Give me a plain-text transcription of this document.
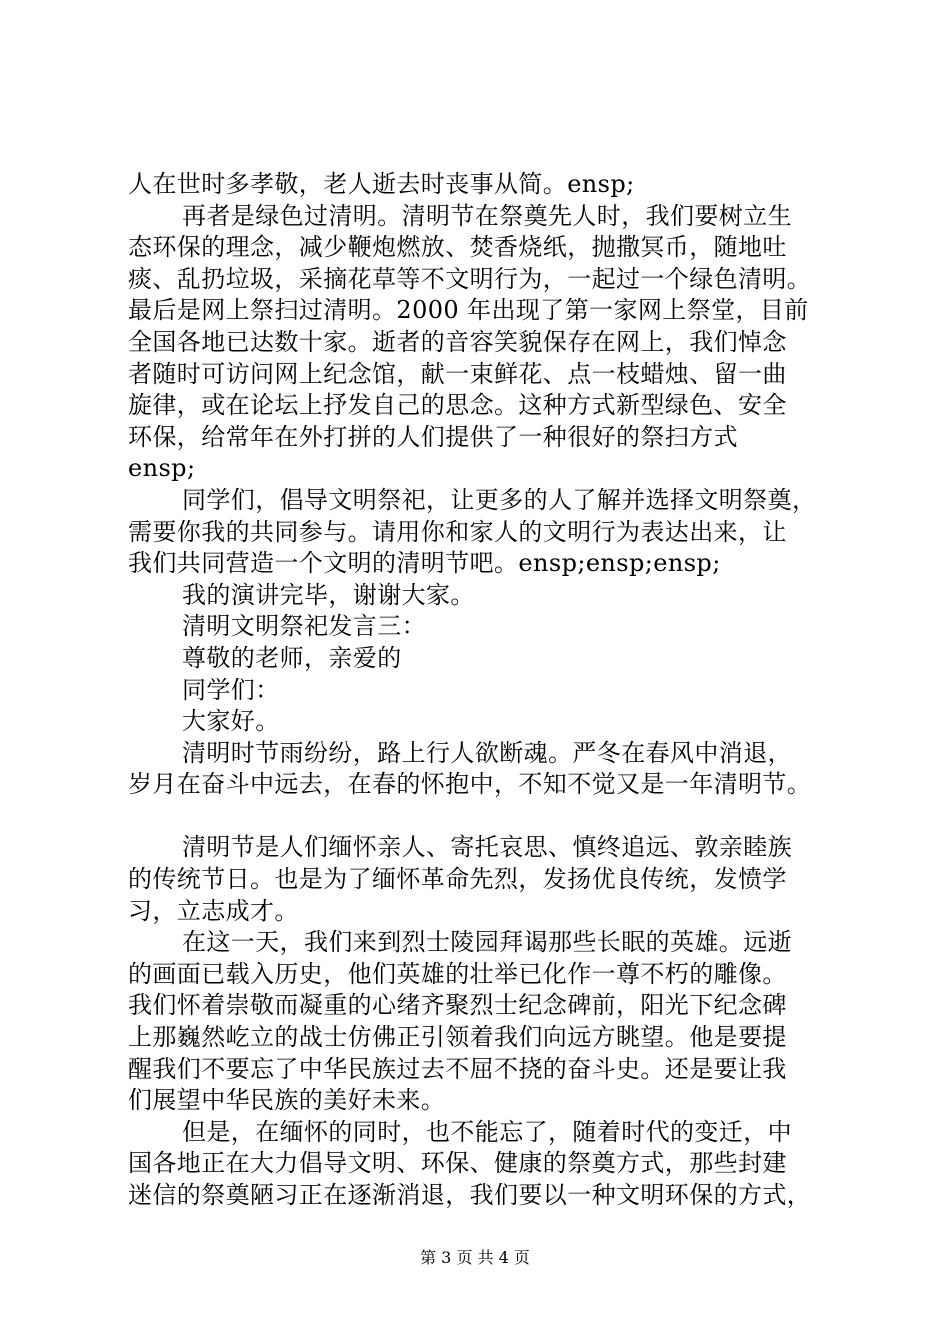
人在世时多孝敬，老人逝去时丧事从简。ensp;

再者是绿色过清明。清明节在祭奠先人时，我们要树立生

态环保的理念，减少鞭炮燃放、焚香烧纸，抛撒冥币，随地吐

痰、乱扔垃圾，采摘花草等不文明行为，一起过一个绿色清明。

最后是网上祭扫过清明。2000 年出现了第一家网上祭堂，目前

全国各地已达数十家。逝者的音容笑貌保存在网上，我们悼念

者随时可访问网上纪念馆，献一束鲜花、点一枝蜡烛、留一曲

旋律，或在论坛上抒发自己的思念。这种方式新型绿色、安全

环保，给常年在外打拼的人们提供了一种很好的祭扫方式

ensp;

同学们，倡导文明祭祀，让更多的人了解并选择文明祭奠，

需要你我的共同参与。请用你和家人的文明行为表达出来，让

我们共同营造一个文明的清明节吧。ensp;ensp;ensp;

我的演讲完毕，谢谢大家。

清明文明祭祀发言三：

尊敬的老师，亲爱的

同学们：

大家好。

清明时节雨纷纷，路上行人欲断魂。严冬在春风中消退，

岁月在奋斗中远去，在春的怀抱中，不知不觉又是一年清明节。

清明节是人们缅怀亲人、寄托哀思、慎终追远、敦亲睦族

的传统节日。也是为了缅怀革命先烈，发扬优良传统，发愤学

习，立志成才。

在这一天，我们来到烈士陵园拜谒那些长眠的英雄。远逝

的画面已载入历史，他们英雄的壮举已化作一尊不朽的雕像。

我们怀着崇敬而凝重的心绪齐聚烈士纪念碑前，阳光下纪念碑

上那巍然屹立的战士仿佛正引领着我们向远方眺望。他是要提

醒我们不要忘了中华民族过去不屈不挠的奋斗史。还是要让我

们展望中华民族的美好未来。

但是，在缅怀的同时，也不能忘了，随着时代的变迁，中

国各地正在大力倡导文明、环保、健康的祭奠方式，那些封建

迷信的祭奠陋习正在逐渐消退，我们要以一种文明环保的方式，

第 3 页 共 4 页
